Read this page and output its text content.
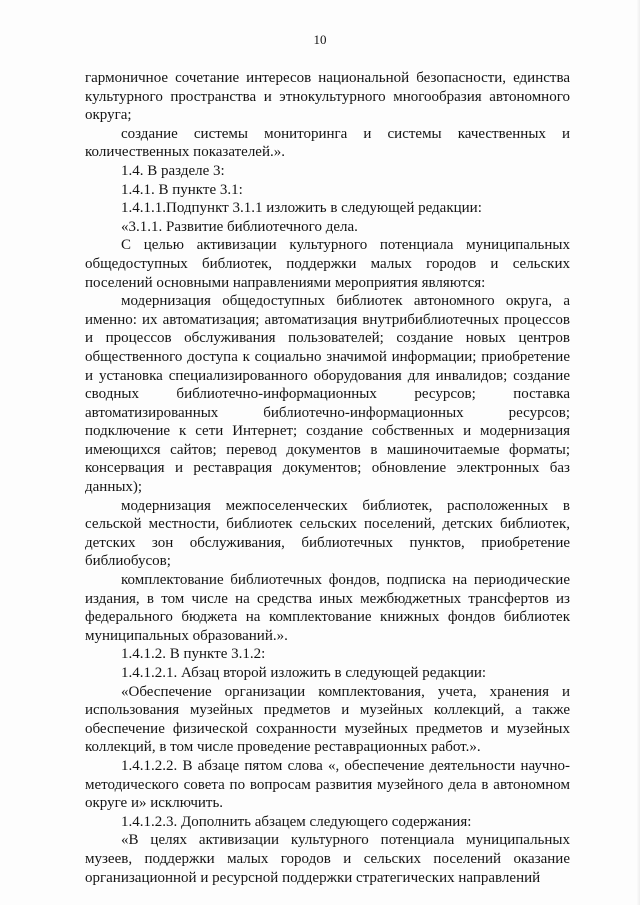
10

гармоничное сочетание интересов национальной безопасности, единства культурного пространства и этнокультурного многообразия автономного округа;

создание системы мониторинга и системы качественных и количественных показателей.».

1.4. В разделе 3:

1.4.1. В пункте 3.1:

1.4.1.1.Подпункт 3.1.1 изложить в следующей редакции:

«3.1.1. Развитие библиотечного дела.

С целью активизации культурного потенциала муниципальных общедоступных библиотек, поддержки малых городов и сельских поселений основными направлениями мероприятия являются:

модернизация общедоступных библиотек автономного округа, а именно: их автоматизация; автоматизация внутрибиблиотечных процессов и процессов обслуживания пользователей; создание новых центров общественного доступа к социально значимой информации; приобретение и установка специализированного оборудования для инвалидов; создание сводных библиотечно-информационных ресурсов; поставка автоматизированных библиотечно-информационных ресурсов; подключение к сети Интернет; создание собственных и модернизация имеющихся сайтов; перевод документов в машиночитаемые форматы; консервация и реставрация документов; обновление электронных баз данных);

модернизация межпоселенческих библиотек, расположенных в сельской местности, библиотек сельских поселений, детских библиотек, детских зон обслуживания, библиотечных пунктов, приобретение библиобусов;

комплектование библиотечных фондов, подписка на периодические издания, в том числе на средства иных межбюджетных трансфертов из федерального бюджета на комплектование книжных фондов библиотек муниципальных образований.».

1.4.1.2. В пункте 3.1.2:

1.4.1.2.1. Абзац второй изложить в следующей редакции:

«Обеспечение организации комплектования, учета, хранения и использования музейных предметов и музейных коллекций, а также обеспечение физической сохранности музейных предметов и музейных коллекций, в том числе проведение реставрационных работ.».

1.4.1.2.2. В абзаце пятом слова «, обеспечение деятельности научно-методического совета по вопросам развития музейного дела в автономном округе и» исключить.

1.4.1.2.3. Дополнить абзацем следующего содержания:

«В целях активизации культурного потенциала муниципальных музеев, поддержки малых городов и сельских поселений оказание организационной и ресурсной поддержки стратегических направлений
